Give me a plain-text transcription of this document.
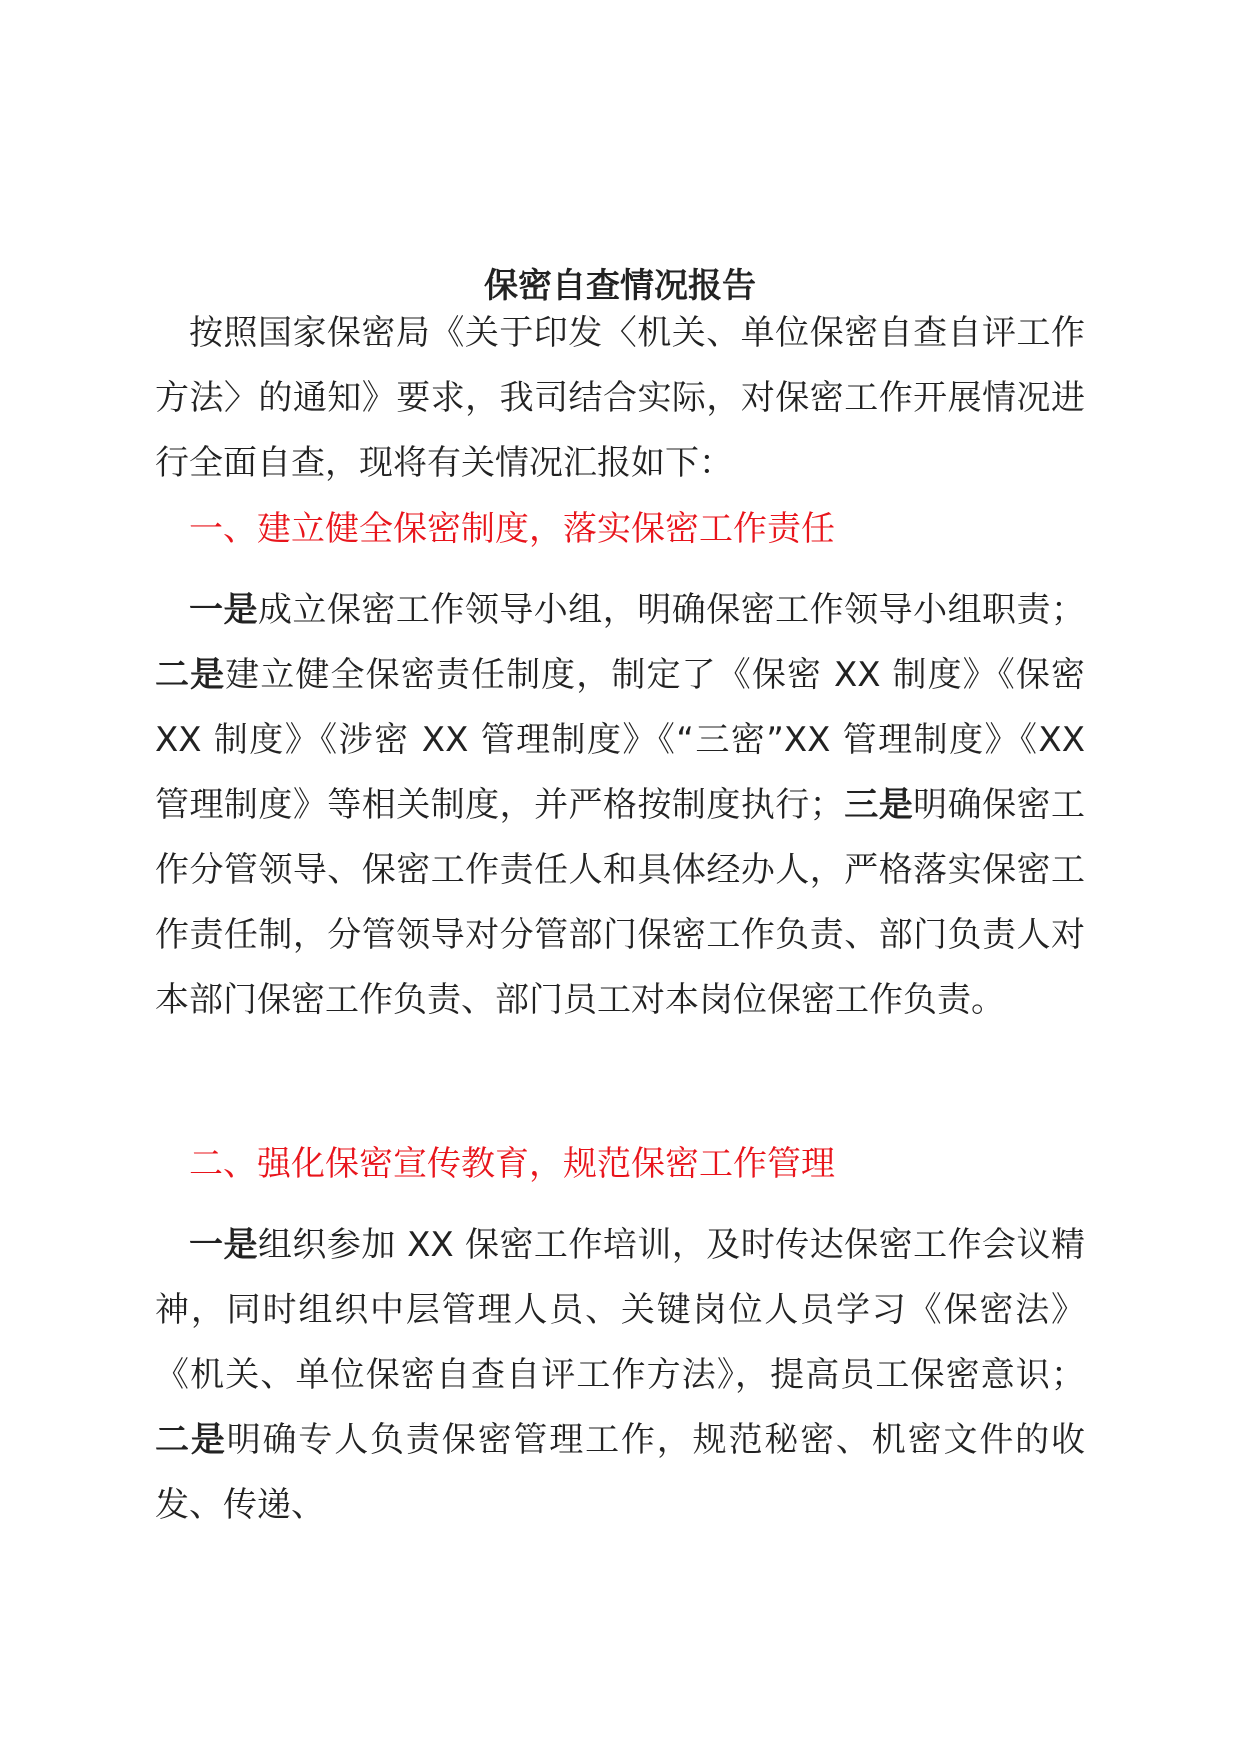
保密自查情况报告

按照国家保密局《关于印发〈机关、单位保密自查自评工作方法〉的通知》要求，我司结合实际，对保密工作开展情况进行全面自查，现将有关情况汇报如下：

一、建立健全保密制度，落实保密工作责任

一是成立保密工作领导小组，明确保密工作领导小组职责；二是建立健全保密责任制度，制定了《保密 XX 制度》《保密 XX 制度》《涉密 XX 管理制度》《“三密”XX 管理制度》《XX 管理制度》等相关制度，并严格按制度执行；三是明确保密工作分管领导、保密工作责任人和具体经办人，严格落实保密工作责任制，分管领导对分管部门保密工作负责、部门负责人对本部门保密工作负责、部门员工对本岗位保密工作负责。

二、强化保密宣传教育，规范保密工作管理

一是组织参加 XX 保密工作培训，及时传达保密工作会议精神，同时组织中层管理人员、关键岗位人员学习《保密法》《机关、单位保密自查自评工作方法》，提高员工保密意识；二是明确专人负责保密管理工作，规范秘密、机密文件的收发、传递、
